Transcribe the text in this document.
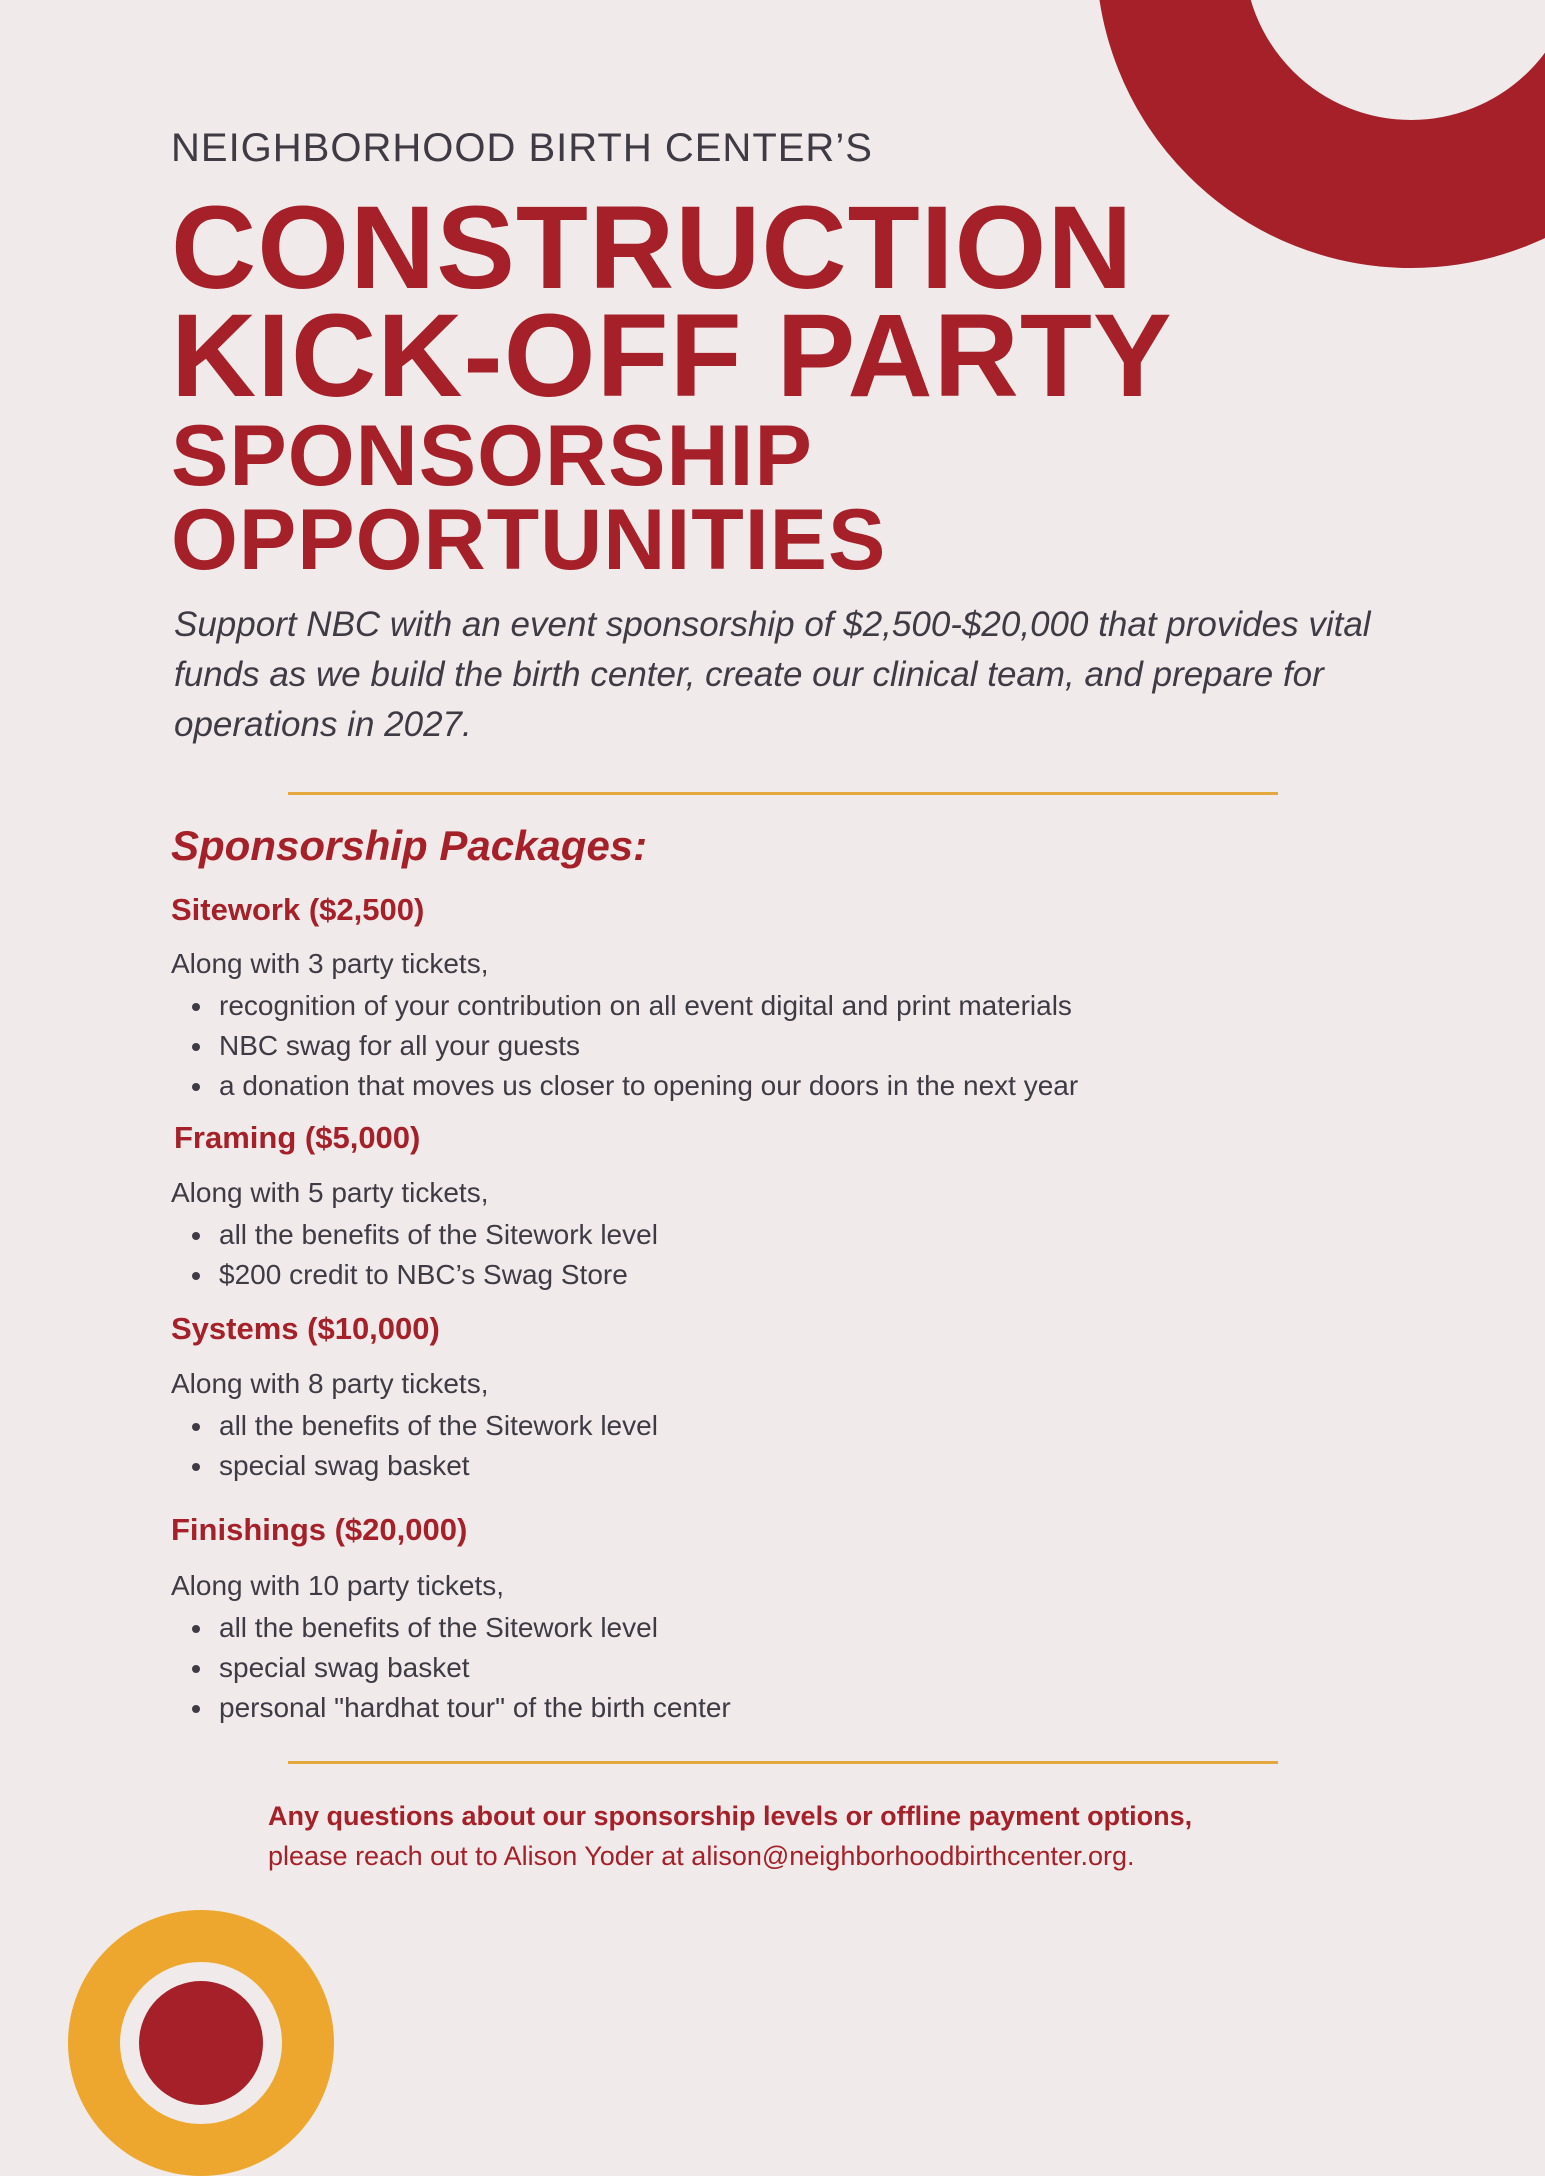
NEIGHBORHOOD BIRTH CENTER’S

CONSTRUCTION
KICK-OFF PARTY
SPONSORSHIP
OPPORTUNITIES

Support NBC with an event sponsorship of $2,500-$20,000 that provides vital funds as we build the birth center, create our clinical team, and prepare for operations in 2027.

Sponsorship Packages:

Sitework ($2,500)

Along with 3 party tickets,

recognition of your contribution on all event digital and print materials
NBC swag for all your guests
a donation that moves us closer to opening our doors in the next year

Framing ($5,000)

Along with 5 party tickets,

all the benefits of the Sitework level
$200 credit to NBC’s Swag Store

Systems ($10,000)

Along with 8 party tickets,

all the benefits of the Sitework level
special swag basket

Finishings ($20,000)

Along with 10 party tickets,

all the benefits of the Sitework level
special swag basket
personal "hardhat tour" of the birth center
Any questions about our sponsorship levels or offline payment options,
please reach out to Alison Yoder at alison@neighborhoodbirthcenter.org.
